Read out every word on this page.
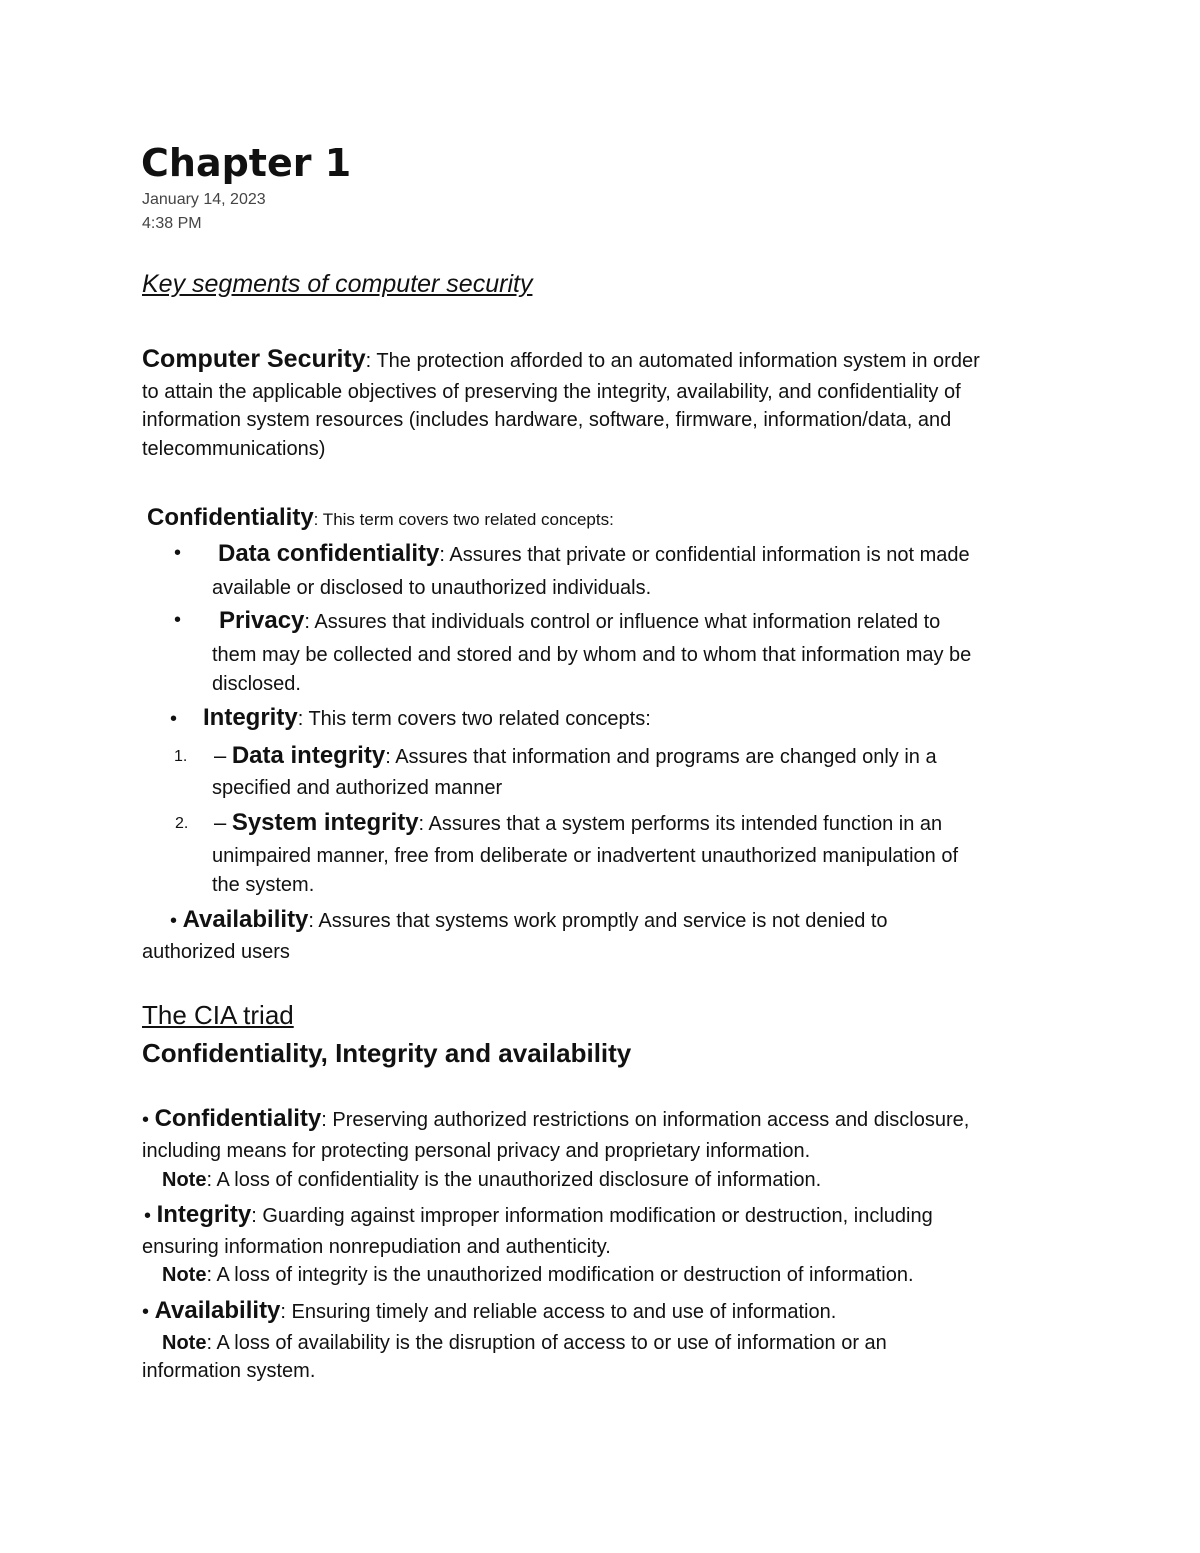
Chapter 1
January 14, 2023
4:38 PM
Key segments of computer security
Computer Security: The protection afforded to an automated information system in order
to attain the applicable objectives of preserving the integrity, availability, and confidentiality of
information system resources (includes hardware, software, firmware, information/data, and
telecommunications)
Confidentiality: This term covers two related concepts:
• Data confidentiality: Assures that private or confidential information is not made
available or disclosed to unauthorized individuals.
• Privacy: Assures that individuals control or influence what information related to
them may be collected and stored and by whom and to whom that information may be
disclosed.
• Integrity: This term covers two related concepts:
1. – Data integrity: Assures that information and programs are changed only in a
specified and authorized manner
2. – System integrity: Assures that a system performs its intended function in an
unimpaired manner, free from deliberate or inadvertent unauthorized manipulation of
the system.
• Availability: Assures that systems work promptly and service is not denied to
authorized users
The CIA triad
Confidentiality, Integrity and availability
• Confidentiality: Preserving authorized restrictions on information access and disclosure,
including means for protecting personal privacy and proprietary information.
Note: A loss of confidentiality is the unauthorized disclosure of information.
• Integrity: Guarding against improper information modification or destruction, including
ensuring information nonrepudiation and authenticity.
Note: A loss of integrity is the unauthorized modification or destruction of information.
• Availability: Ensuring timely and reliable access to and use of information.
Note: A loss of availability is the disruption of access to or use of information or an
information system.
